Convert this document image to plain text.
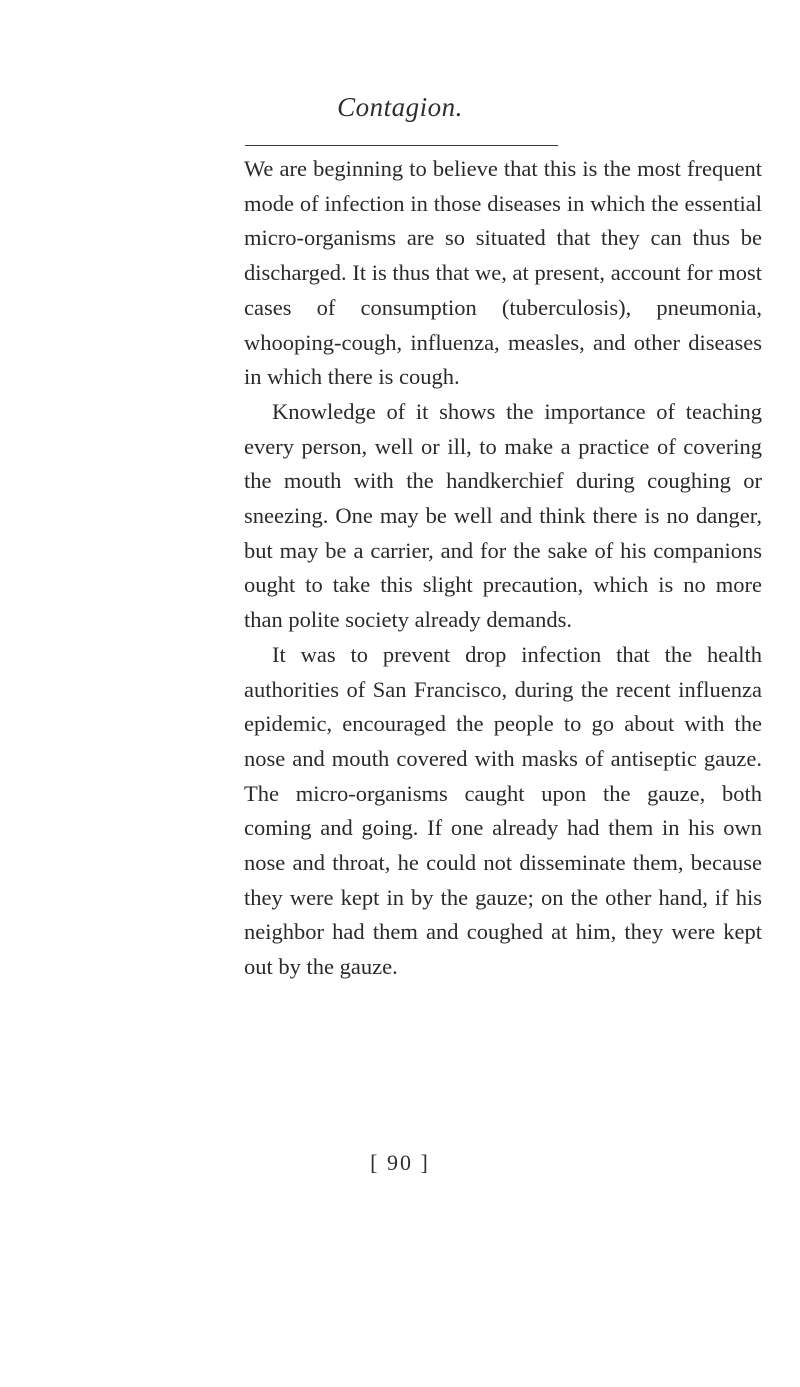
Contagion.

We are beginning to believe that this is the most frequent mode of infection in those diseases in which the essential micro-organisms are so situated that they can thus be discharged. It is thus that we, at present, account for most cases of consumption (tuberculosis), pneumonia, whooping-cough, influenza, measles, and other diseases in which there is cough.

Knowledge of it shows the importance of teaching every person, well or ill, to make a practice of covering the mouth with the handkerchief during coughing or sneezing. One may be well and think there is no danger, but may be a carrier, and for the sake of his companions ought to take this slight precaution, which is no more than polite society already demands.

It was to prevent drop infection that the health authorities of San Francisco, during the recent influenza epidemic, encouraged the people to go about with the nose and mouth covered with masks of antiseptic gauze. The micro-organisms caught upon the gauze, both coming and going. If one already had them in his own nose and throat, he could not disseminate them, because they were kept in by the gauze; on the other hand, if his neighbor had them and coughed at him, they were kept out by the gauze.

[ 90 ]
